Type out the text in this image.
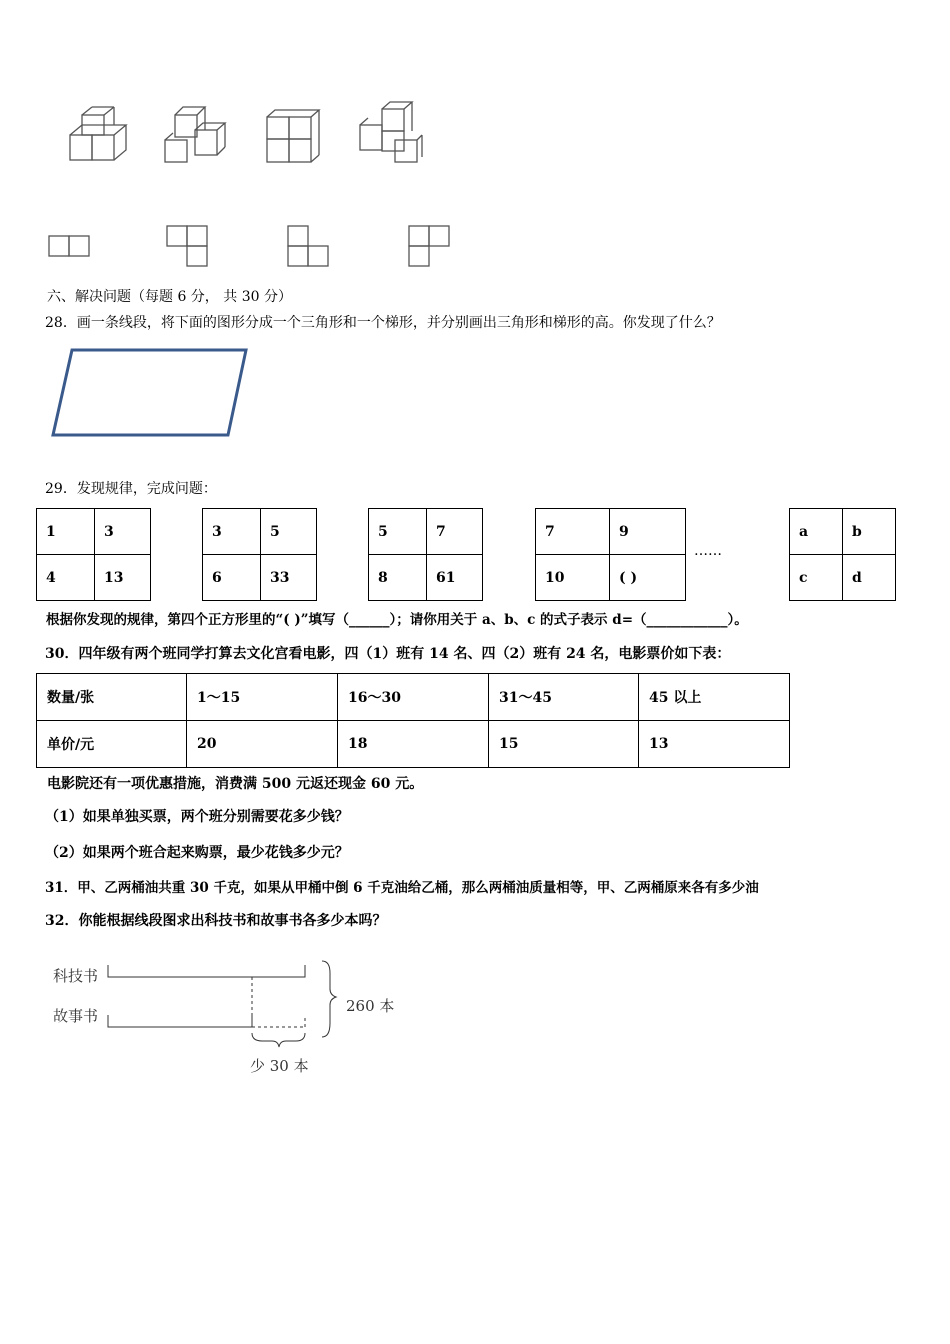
六、解决问题（每题 6 分， 共 30 分）
28．画一条线段，将下面的图形分成一个三角形和一个梯形，并分别画出三角形和梯形的高。你发现了什么？
29．发现规律，完成问题：
1	3
4	13
3	5
6	33
5	7
8	61
7	9
10	( )
……
a	b
c	d
根据你发现的规律，第四个正方形里的“( )”填写（______）；请你用关于 a、b、c 的式子表示 d=（____________）。
30．四年级有两个班同学打算去文化宫看电影，四（1）班有 14 名、四（2）班有 24 名，电影票价如下表：
数量/张	1～15	16～30	31～45	45 以上
单价/元	20	18	15	13
电影院还有一项优惠措施，消费满 500 元返还现金 60 元。
（1）如果单独买票，两个班分别需要花多少钱？
（2）如果两个班合起来购票，最少花钱多少元？
31．甲、乙两桶油共重 30 千克，如果从甲桶中倒 6 千克油给乙桶，那么两桶油质量相等，甲、乙两桶原来各有多少油
32．你能根据线段图求出科技书和故事书各多少本吗？
科技书
故事书
260 本
少 30 本
